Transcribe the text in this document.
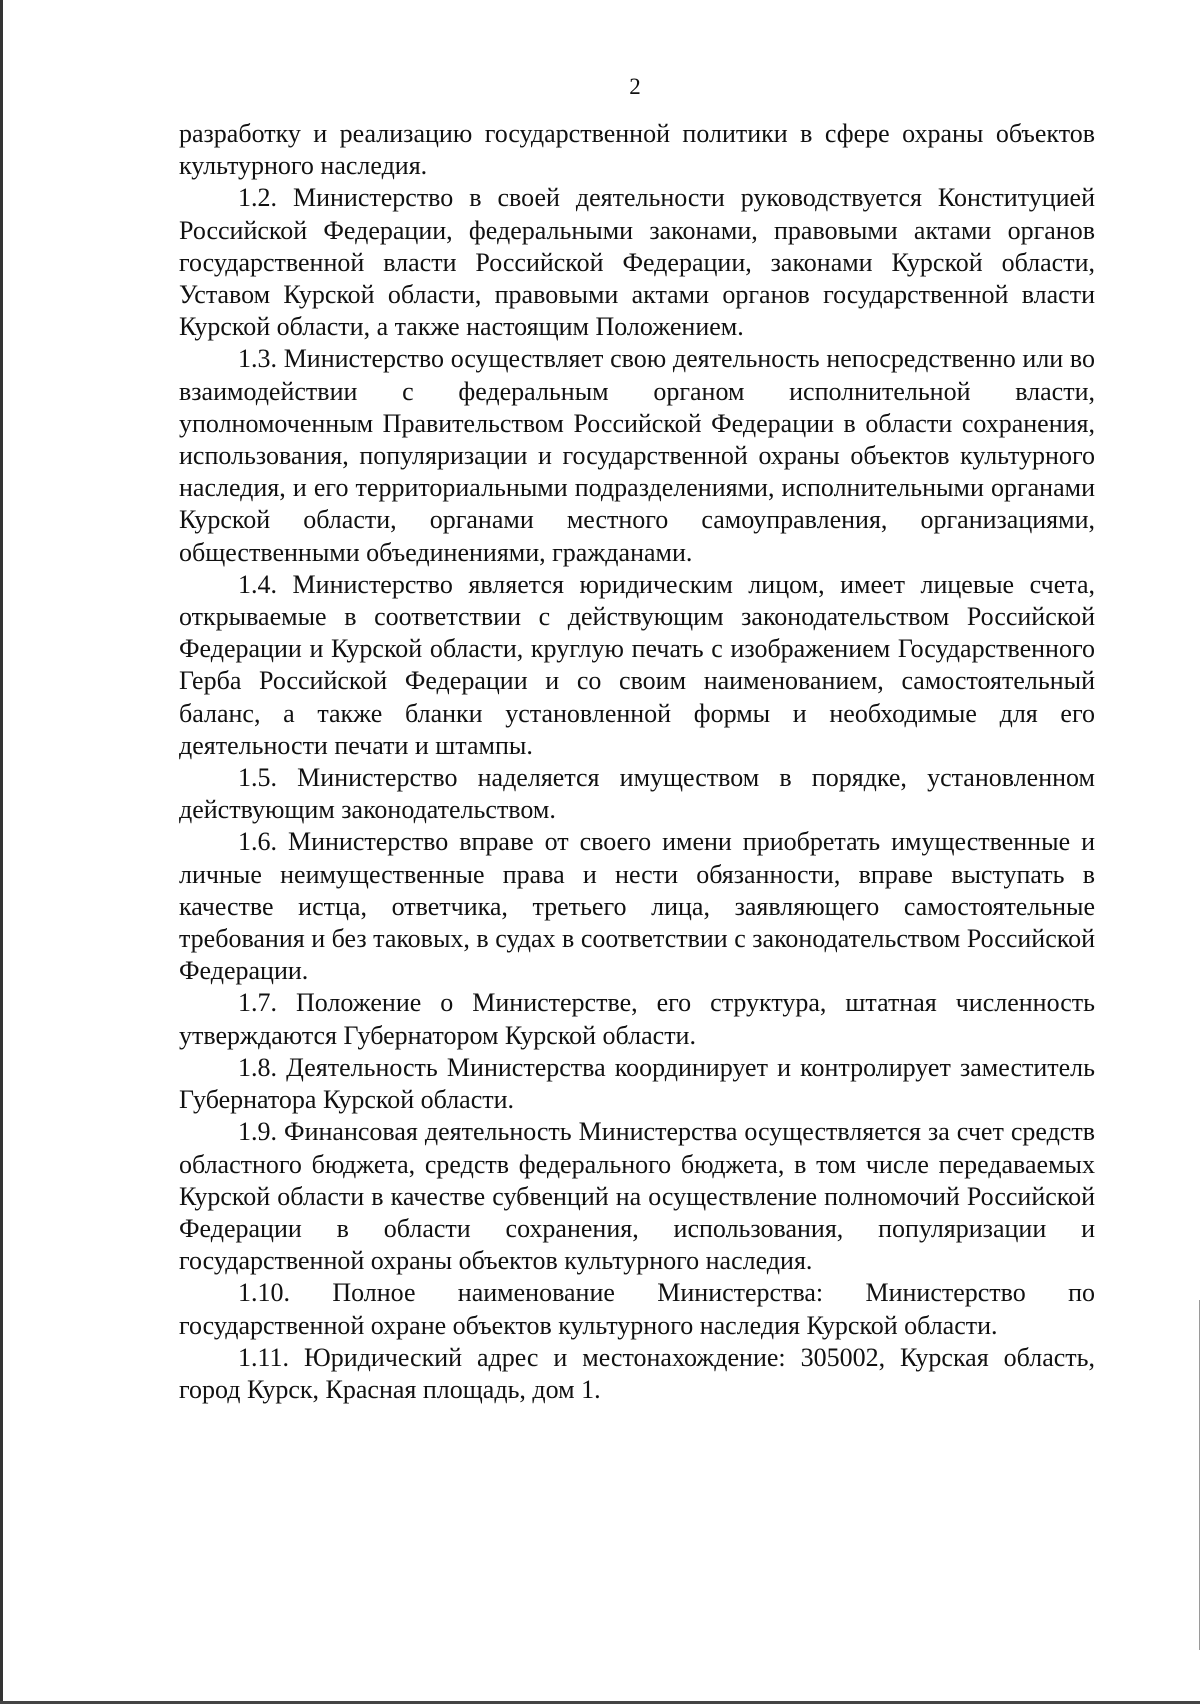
2

разработку и реализацию государственной политики в сфере охраны объектов культурного наследия.

1.2. Министерство в своей деятельности руководствуется Конституцией Российской Федерации, федеральными законами, правовыми актами органов государственной власти Российской Федерации, законами Курской области, Уставом Курской области, правовыми актами органов государственной власти Курской области, а также настоящим Положением.

1.3. Министерство осуществляет свою деятельность непосредственно или во взаимодействии с федеральным органом исполнительной власти, уполномоченным Правительством Российской Федерации в области сохранения, использования, популяризации и государственной охраны объектов культурного наследия, и его территориальными подразделениями, исполнительными органами Курской области, органами местного самоуправления, организациями, общественными объединениями, гражданами.

1.4. Министерство является юридическим лицом, имеет лицевые счета, открываемые в соответствии с действующим законодательством Российской Федерации и Курской области, круглую печать с изображением Государственного Герба Российской Федерации и со своим наименованием, самостоятельный баланс, а также бланки установленной формы и необходимые для его деятельности печати и штампы.

1.5. Министерство наделяется имуществом в порядке, установленном действующим законодательством.

1.6. Министерство вправе от своего имени приобретать имущественные и личные неимущественные права и нести обязанности, вправе выступать в качестве истца, ответчика, третьего лица, заявляющего самостоятельные требования и без таковых, в судах в соответствии с законодательством Российской Федерации.

1.7. Положение о Министерстве, его структура, штатная численность утверждаются Губернатором Курской области.

1.8. Деятельность Министерства координирует и контролирует заместитель Губернатора Курской области.

1.9. Финансовая деятельность Министерства осуществляется за счет средств областного бюджета, средств федерального бюджета, в том числе передаваемых Курской области в качестве субвенций на осуществление полномочий Российской Федерации в области сохранения, использования, популяризации и государственной охраны объектов культурного наследия.

1.10. Полное наименование Министерства: Министерство по государственной охране объектов культурного наследия Курской области.

1.11. Юридический адрес и местонахождение: 305002, Курская область, город Курск, Красная площадь, дом 1.
